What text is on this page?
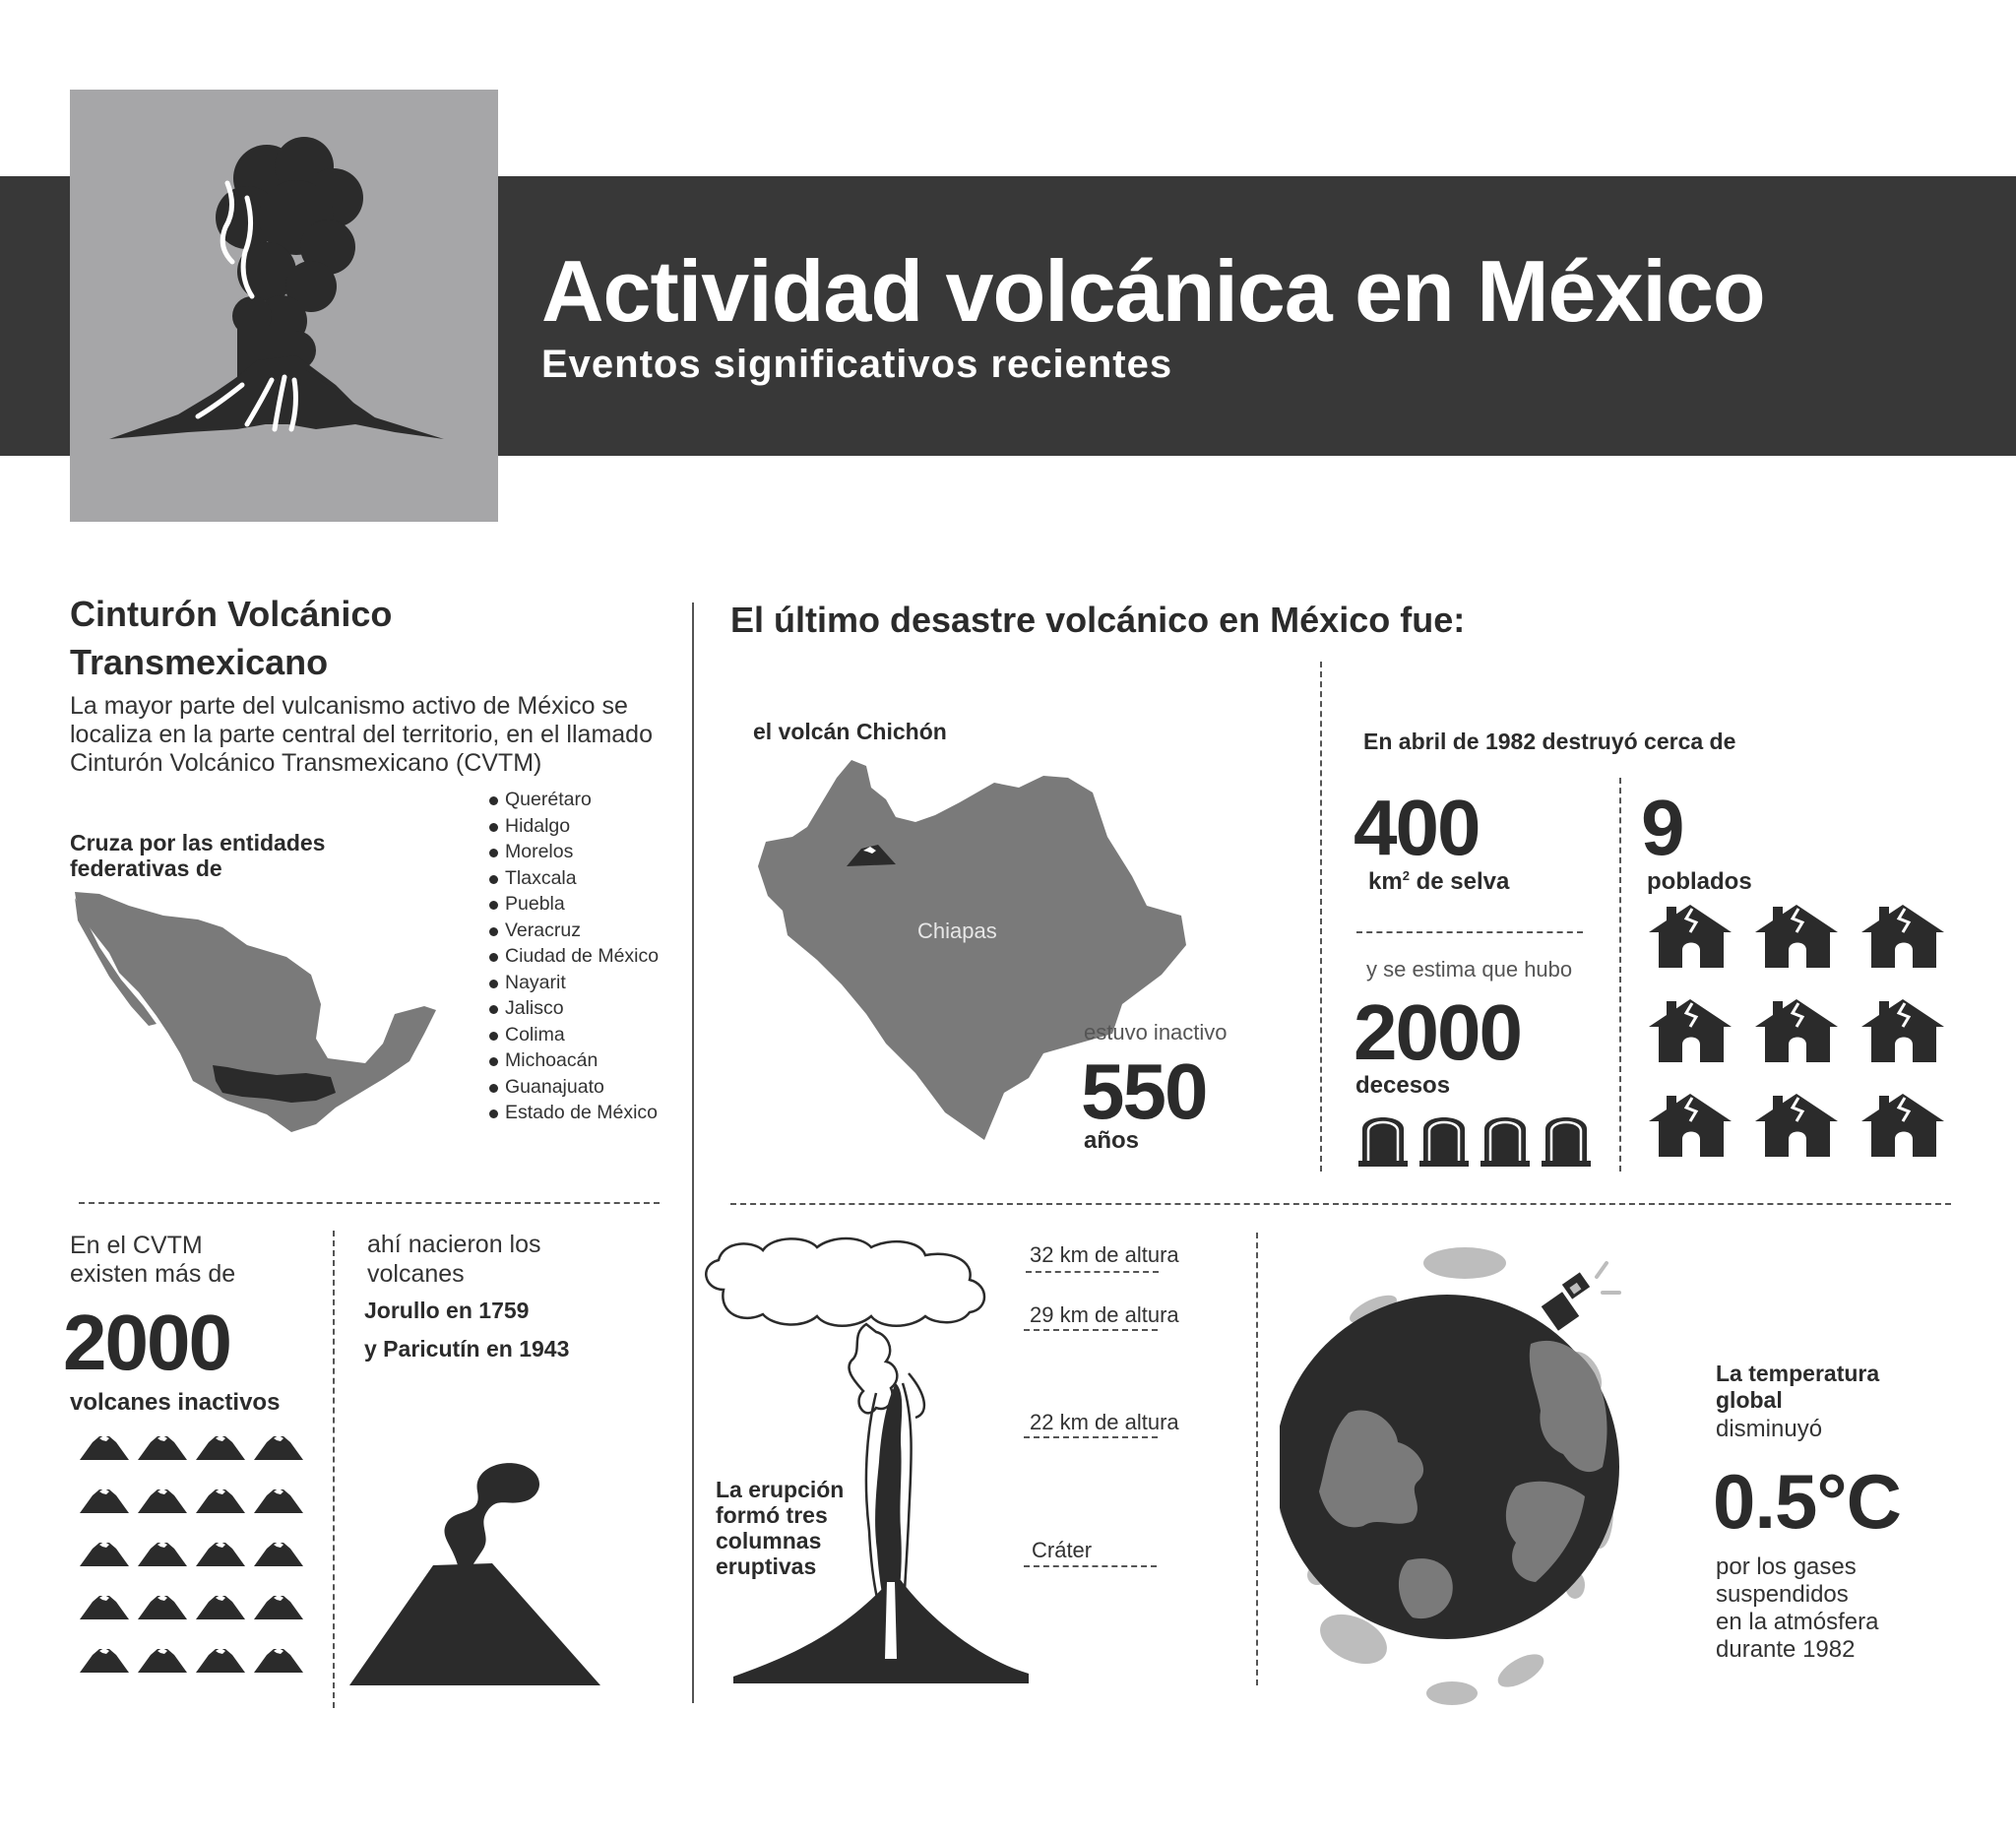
Actividad volcánica en México
Eventos significativos recientes
Cinturón Volcánico
Transmexicano
La mayor parte del vulcanismo activo de México se localiza en la parte central del territorio, en el llamado Cinturón Volcánico Transmexicano (CVTM)
Cruza por las entidades federativas de
Querétaro
Hidalgo
Morelos
Tlaxcala
Puebla
Veracruz
Ciudad de México
Nayarit
Jalisco
Colima
Michoacán
Guanajuato
Estado de México
En el CVTM existen más de
2000
volcanes inactivos
ahí nacieron los volcanes
Jorullo en 1759
y Paricutín en 1943
El último desastre volcánico en México fue:
el volcán Chichón
Chiapas
estuvo inactivo
550
años
En abril de 1982 destruyó cerca de
400
$km^2$ de selva
y se estima que hubo
2000
decesos
9
poblados
32 km de altura
29 km de altura
22 km de altura
Cráter
La erupción
formó tres
columnas
eruptivas
La temperatura
global
disminuyó
0.5°C
por los gases
suspendidos
en la atmósfera
durante 1982
